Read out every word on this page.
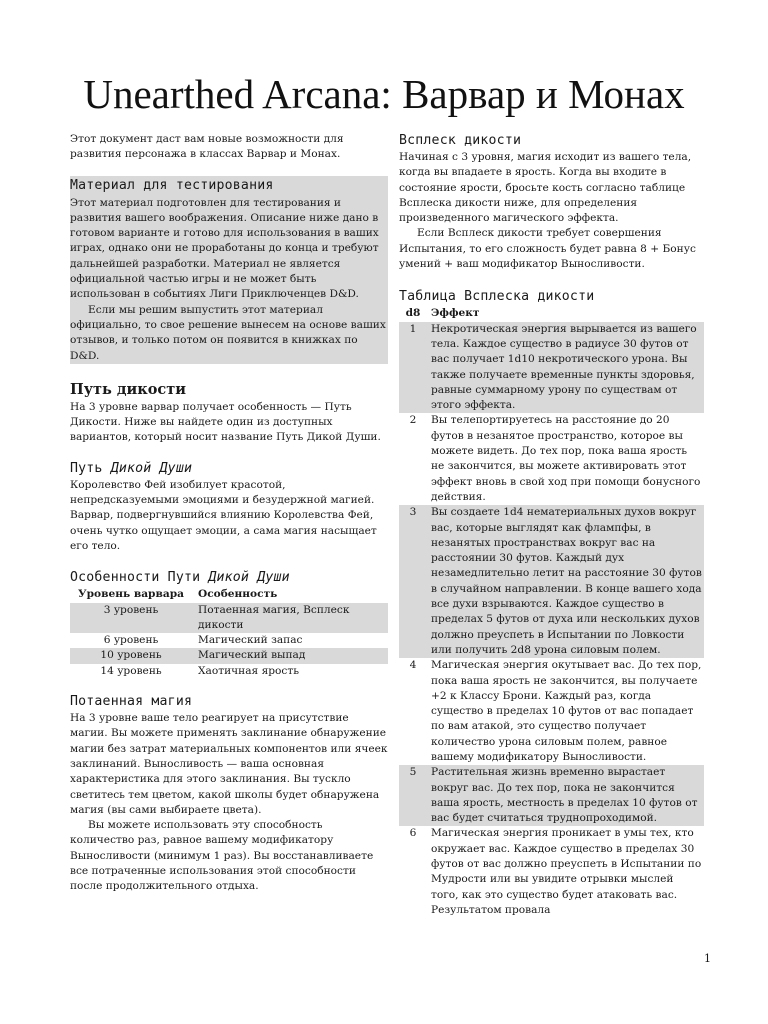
Unearthed Arcana: Варвар и Монах

Этот документ даст вам новые возможности для развития персонажа в классах Варвар и Монах.

Материал для тестирования

Этот материал подготовлен для тестирования и развития вашего воображения. Описание ниже дано в готовом варианте и готово для использования в ваших играх, однако они не проработаны до конца и требуют дальнейшей разработки. Материал не является официальной частью игры и не может быть использован в событиях Лиги Приключенцев D&D.

Если мы решим выпустить этот материал официально, то свое решение вынесем на основе ваших отзывов, и только потом он появится в книжках по D&D.

Путь дикости

На 3 уровне варвар получает особенность — Путь Дикости. Ниже вы найдете один из доступных вариантов, который носит название Путь Дикой Души.

Путь Дикой Души

Королевство Фей изобилует красотой, непредсказуемыми эмоциями и безудержной магией. Варвар, подвергнувшийся влиянию Королевства Фей, очень чутко ощущает эмоции, а сама магия насыщает его тело.

Особенности Пути Дикой Души
Уровень варвара	Особенность
3 уровень	Потаенная магия, Всплеск дикости
6 уровень	Магический запас
10 уровень	Магический выпад
14 уровень	Хаотичная ярость
Потаенная магия

На 3 уровне ваше тело реагирует на присутствие магии. Вы можете применять заклинание обнаружение магии без затрат материальных компонентов или ячеек заклинаний. Выносливость — ваша основная характеристика для этого заклинания. Вы тускло светитесь тем цветом, какой школы будет обнаружена магия (вы сами выбираете цвета).

Вы можете использовать эту способность количество раз, равное вашему модификатору Выносливости (минимум 1 раз). Вы восстанавливаете все потраченные использования этой способности после продолжительного отдыха.

Всплеск дикости

Начиная с 3 уровня, магия исходит из вашего тела, когда вы впадаете в ярость. Когда вы входите в состояние ярости, бросьте кость согласно таблице Всплеска дикости ниже, для определения произведенного магического эффекта.

Если Всплеск дикости требует совершения Испытания, то его сложность будет равна 8 + Бонус умений + ваш модификатор Выносливости.

Таблица Всплеска дикости
d8	Эффект
1	Некротическая энергия вырывается из вашего тела. Каждое существо в радиусе 30 футов от вас получает 1d10 некротического урона. Вы также получаете временные пункты здоровья, равные суммарному урону по существам от этого эффекта.
2	Вы телепортируетесь на расстояние до 20 футов в незанятое пространство, которое вы можете видеть. До тех пор, пока ваша ярость не закончится, вы можете активировать этот эффект вновь в свой ход при помощи бонусного действия.
3	Вы создаете 1d4 нематериальных духов вокруг вас, которые выглядят как флампфы, в незанятых пространствах вокруг вас на расстоянии 30 футов. Каждый дух незамедлительно летит на расстояние 30 футов в случайном направлении. В конце вашего хода все духи взрываются. Каждое существо в пределах 5 футов от духа или нескольких духов должно преуспеть в Испытании по Ловкости или получить 2d8 урона силовым полем.
4	Магическая энергия окутывает вас. До тех пор, пока ваша ярость не закончится, вы получаете +2 к Классу Брони. Каждый раз, когда существо в пределах 10 футов от вас попадает по вам атакой, это существо получает количество урона силовым полем, равное вашему модификатору Выносливости.
5	Растительная жизнь временно вырастает вокруг вас. До тех пор, пока не закончится ваша ярость, местность в пределах 10 футов от вас будет считаться труднопроходимой.
6	Магическая энергия проникает в умы тех, кто окружает вас. Каждое существо в пределах 30 футов от вас должно преуспеть в Испытании по Мудрости или вы увидите отрывки мыслей того, как это существо будет атаковать вас. Результатом провала
1
